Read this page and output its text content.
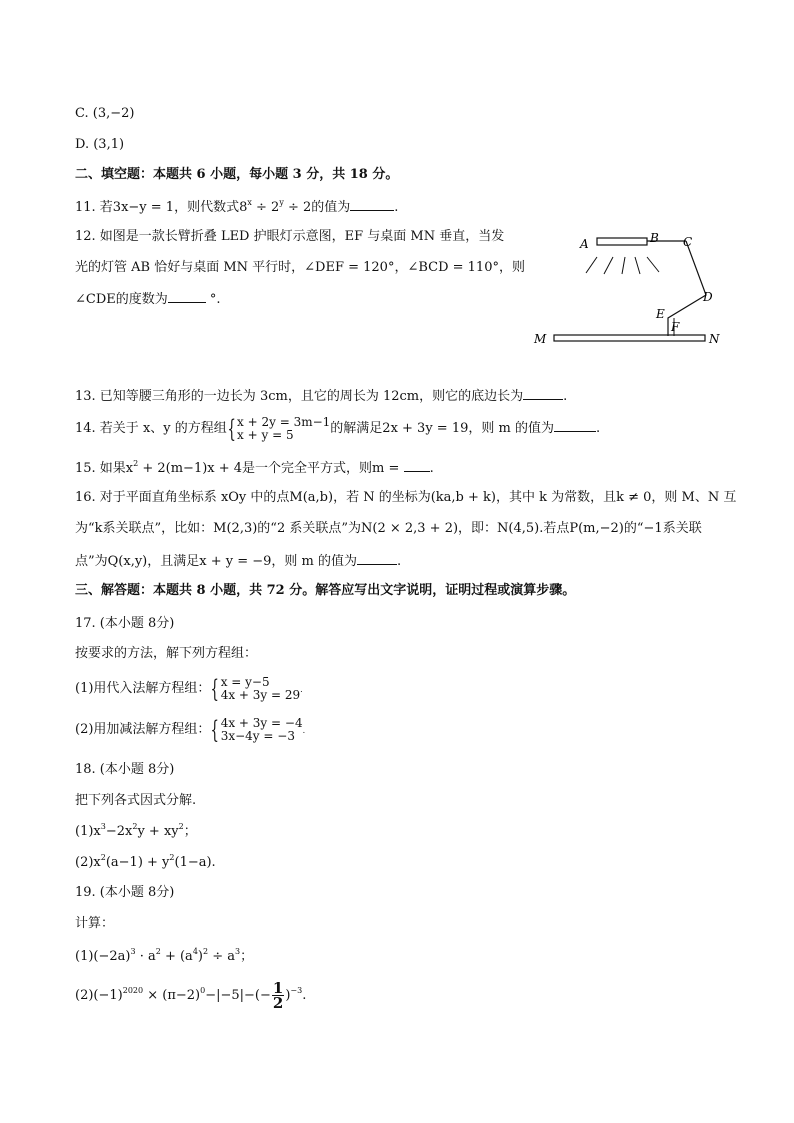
C. (3,−2)
D. (3,1)
二、填空题：本题共 6 小题，每小题 3 分，共 18 分。
11. 若3x−y = 1，则代数式$8^x \div 2^y \div 2$的值为	.
12. 如图是一款长臂折叠 LED 护眼灯示意图，EF 与桌面 MN 垂直，当发
光的灯管 AB 恰好与桌面 MN 平行时，∠DEF = 120°，∠BCD = 110°，则
∠CDE的度数为	°.
A	B C
D
E
F
M	N
13. 已知等腰三角形的一边长为 3cm，且它的周长为 12cm，则它的底边长为	.
14. 若关于 x、y 的方程组{x + 2y = 3m−1
x + y = 5	的解满足2x + 3y = 19，则 m 的值为	.
15. 如果$x^2 + 2(m-1)x + 4$是一个完全平方式，则m = .
16. 对于平面直角坐标系 xOy 中的点M(a,b)，若 N 的坐标为(ka,b + k)，其中 k 为常数，且k ≠ 0，则 M、N 互
为“k系关联点”，比如：M(2,3)的“2 系关联点”为N(2 × 2,3 + 2)，即：N(4,5).若点P(m,−2)的“−1系关联
点”为Q(x,y)，且满足x + y = −9，则 m 的值为	.
三、解答题：本题共 8 小题，共 72 分。解答应写出文字说明，证明过程或演算步骤。
17. (本小题 8分)
按要求的方法，解下列方程组：
(1)用代入法解方程组：{x = y−5
4x + 3y = 29.
(2)用加减法解方程组：{4x + 3y = −4
3x−4y = −3 .
18. (本小题 8分)
把下列各式因式分解.
$(1)x^3-2x^2y + xy^2$；
$(2)x^2(a-1) + y^2(1-a)$.
19. (本小题 8分)
计算：
$(1)(-2a)^3 \cdot a^2 + (a^4)^2 \div a^3$；
$(2)(-1)^{2020} \times (\pi-2)^0-|-5|-(- \frac{1}{2} )^{-3}$.
